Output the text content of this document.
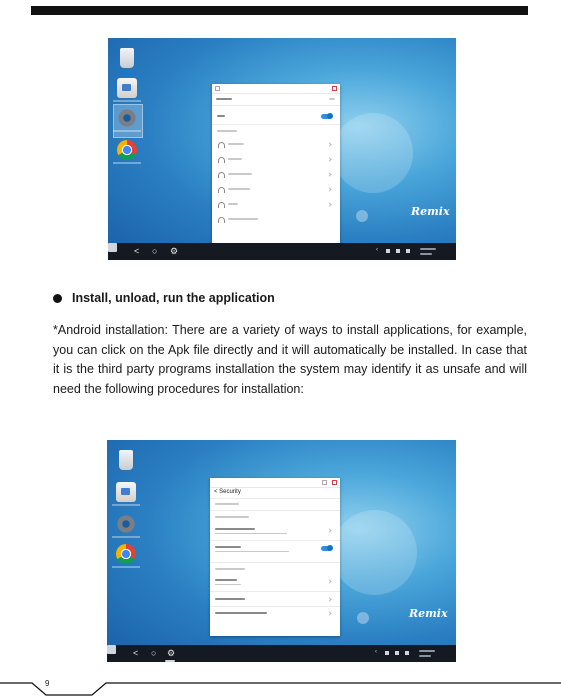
Remix
< ○ ⚙	‹
Install, unload, run the application

*Android installation: There are a variety of ways to install applications, for example, you can click on the Apk file directly and it will automatically be installed. In case that it is the third party programs installation the system may identify it as unsafe and will need the following procedures for installation:

< Security
Remix
< ○ ⚙	‹
9
